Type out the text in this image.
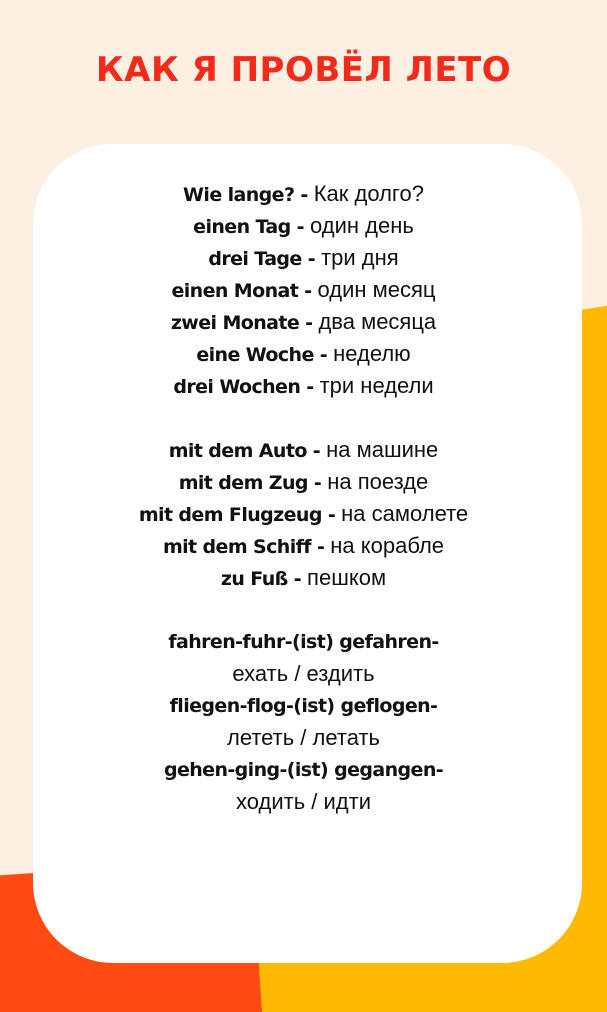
КАК Я ПРОВЁЛ ЛЕТО
Wie lange? - Как долго?
einen Tag - один день
drei Tage - три дня
einen Monat - один месяц
zwei Monate - два месяца
eine Woche - неделю
drei Wochen - три недели
mit dem Auto - на машине
mit dem Zug - на поезде
mit dem Flugzeug - на самолете
mit dem Schiff - на корабле
zu Fuß - пешком
fahren-fuhr-(ist) gefahren-
ехать / ездить
fliegen-flog-(ist) geflogen-
лететь / летать
gehen-ging-(ist) gegangen-
ходить / идти
